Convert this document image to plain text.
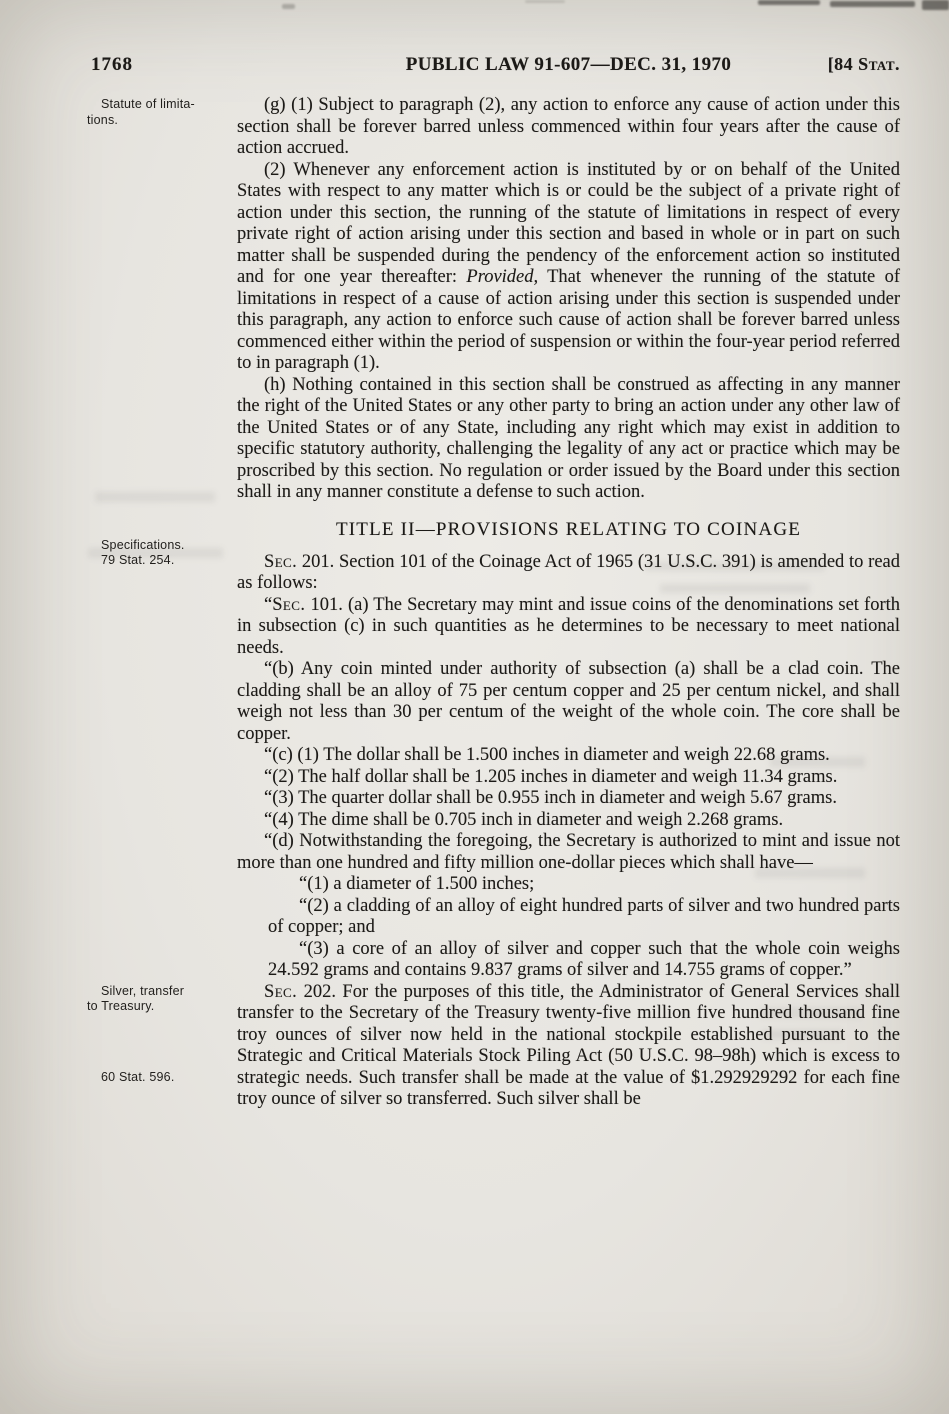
1768	PUBLIC LAW 91-607—DEC. 31, 1970	[84 Stat.

Statute of limita-
tions.
(g) (1) Subject to paragraph (2), any action to enforce any cause of action under this section shall be forever barred unless commenced within four years after the cause of action accrued.

(2) Whenever any enforcement action is instituted by or on behalf of the United States with respect to any matter which is or could be the subject of a private right of action under this section, the running of the statute of limitations in respect of every private right of action arising under this section and based in whole or in part on such matter shall be suspended during the pendency of the enforcement action so instituted and for one year thereafter: Provided, That whenever the running of the statute of limitations in respect of a cause of action arising under this section is suspended under this paragraph, any action to enforce such cause of action shall be forever barred unless commenced either within the period of suspension or within the four-year period referred to in paragraph (1).

(h) Nothing contained in this section shall be construed as affecting in any manner the right of the United States or any other party to bring an action under any other law of the United States or of any State, including any right which may exist in addition to specific statutory authority, challenging the legality of any act or practice which may be proscribed by this section. No regulation or order issued by the Board under this section shall in any manner constitute a defense to such action.

TITLE II—PROVISIONS RELATING TO COINAGE

Specifications.
79 Stat. 254.	Sec. 201. Section 101 of the Coinage Act of 1965 (31 U.S.C. 391) is amended to read as follows:

“Sec. 101. (a) The Secretary may mint and issue coins of the denominations set forth in subsection (c) in such quantities as he determines to be necessary to meet national needs.

“(b) Any coin minted under authority of subsection (a) shall be a clad coin. The cladding shall be an alloy of 75 per centum copper and 25 per centum nickel, and shall weigh not less than 30 per centum of the weight of the whole coin. The core shall be copper.

“(c) (1) The dollar shall be 1.500 inches in diameter and weigh 22.68 grams.

“(2) The half dollar shall be 1.205 inches in diameter and weigh 11.34 grams.

“(3) The quarter dollar shall be 0.955 inch in diameter and weigh 5.67 grams.

“(4) The dime shall be 0.705 inch in diameter and weigh 2.268 grams.

“(d) Notwithstanding the foregoing, the Secretary is authorized to mint and issue not more than one hundred and fifty million one-dollar pieces which shall have—

“(1) a diameter of 1.500 inches;

“(2) a cladding of an alloy of eight hundred parts of silver and two hundred parts of copper; and

“(3) a core of an alloy of silver and copper such that the whole coin weighs 24.592 grams and contains 9.837 grams of silver and 14.755 grams of copper.”

Silver, transfer
to Treasury.
60 Stat. 596.
Sec. 202. For the purposes of this title, the Administrator of General Services shall transfer to the Secretary of the Treasury twenty-five million five hundred thousand fine troy ounces of silver now held in the national stockpile established pursuant to the Strategic and Critical Materials Stock Piling Act (50 U.S.C. 98–98h) which is excess to strategic needs. Such transfer shall be made at the value of $1.292929292 for each fine troy ounce of silver so transferred. Such silver shall be
